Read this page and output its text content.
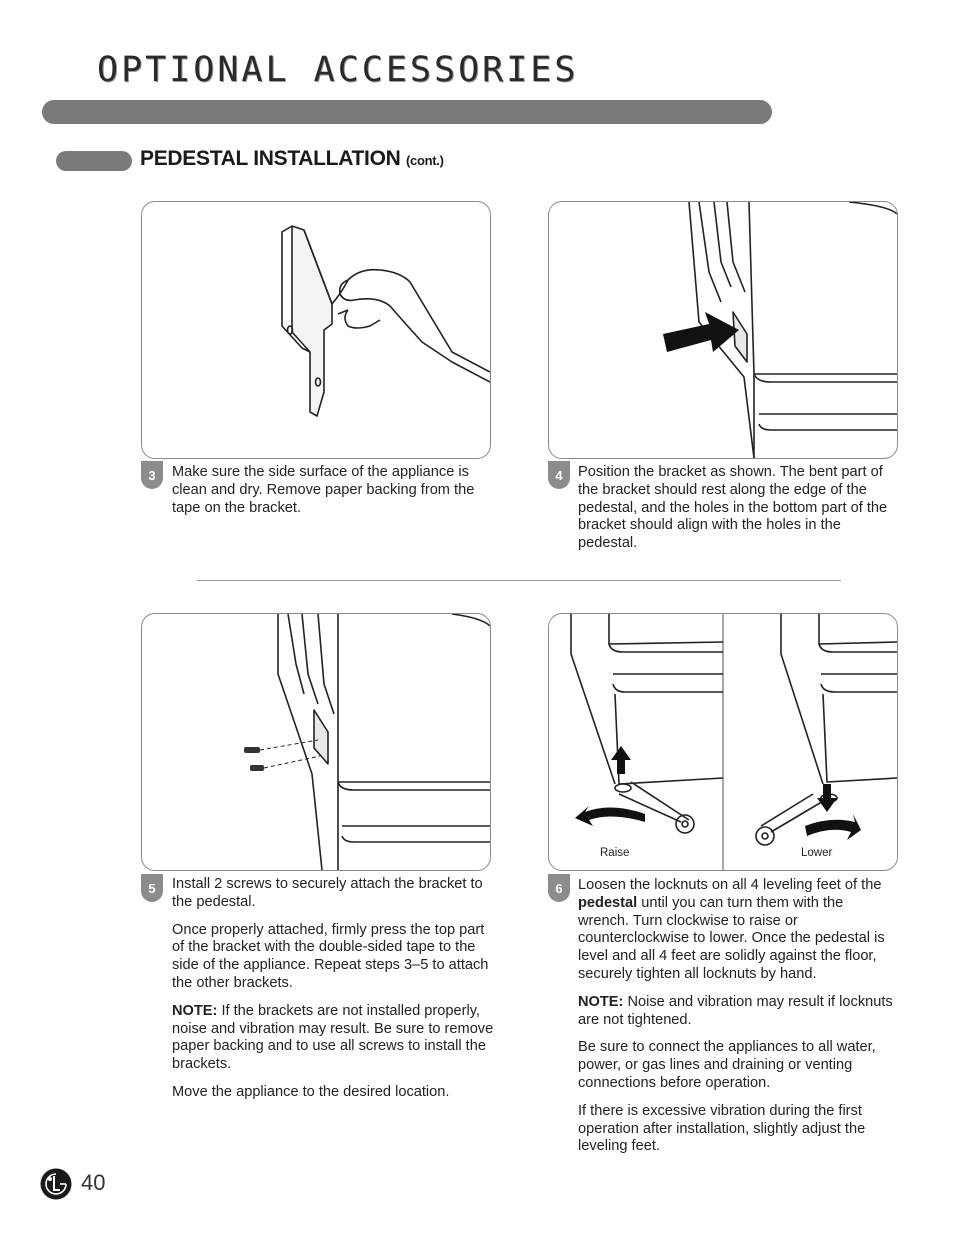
OPTIONAL ACCESSORIES
PEDESTAL INSTALLATION (cont.)
3	Make sure the side surface of the appliance is clean and dry. Remove paper backing from the tape on the bracket.

4	Position the bracket as shown. The bent part of the bracket should rest along the edge of the pedestal, and the holes in the bottom part of the bracket should align with the holes in the pedestal.

5	Install 2 screws to securely attach the bracket to the pedestal.

Once properly attached, firmly press the top part of the bracket with the double-sided tape to the side of the appliance. Repeat steps 3–5 to attach the other brackets.

NOTE: If the brackets are not installed properly, noise and vibration may result. Be sure to remove paper backing and to use all screws to install the brackets.

Move the appliance to the desired location.

Raise	Lower
6	Loosen the locknuts on all 4 leveling feet of the pedestal until you can turn them with the wrench. Turn clockwise to raise or counterclockwise to lower. Once the pedestal is level and all 4 feet are solidly against the floor, securely tighten all locknuts by hand.

NOTE: Noise and vibration may result if locknuts are not tightened.

Be sure to connect the appliances to all water, power, or gas lines and draining or venting connections before operation.

If there is excessive vibration during the first operation after installation, slightly adjust the leveling feet.

40
